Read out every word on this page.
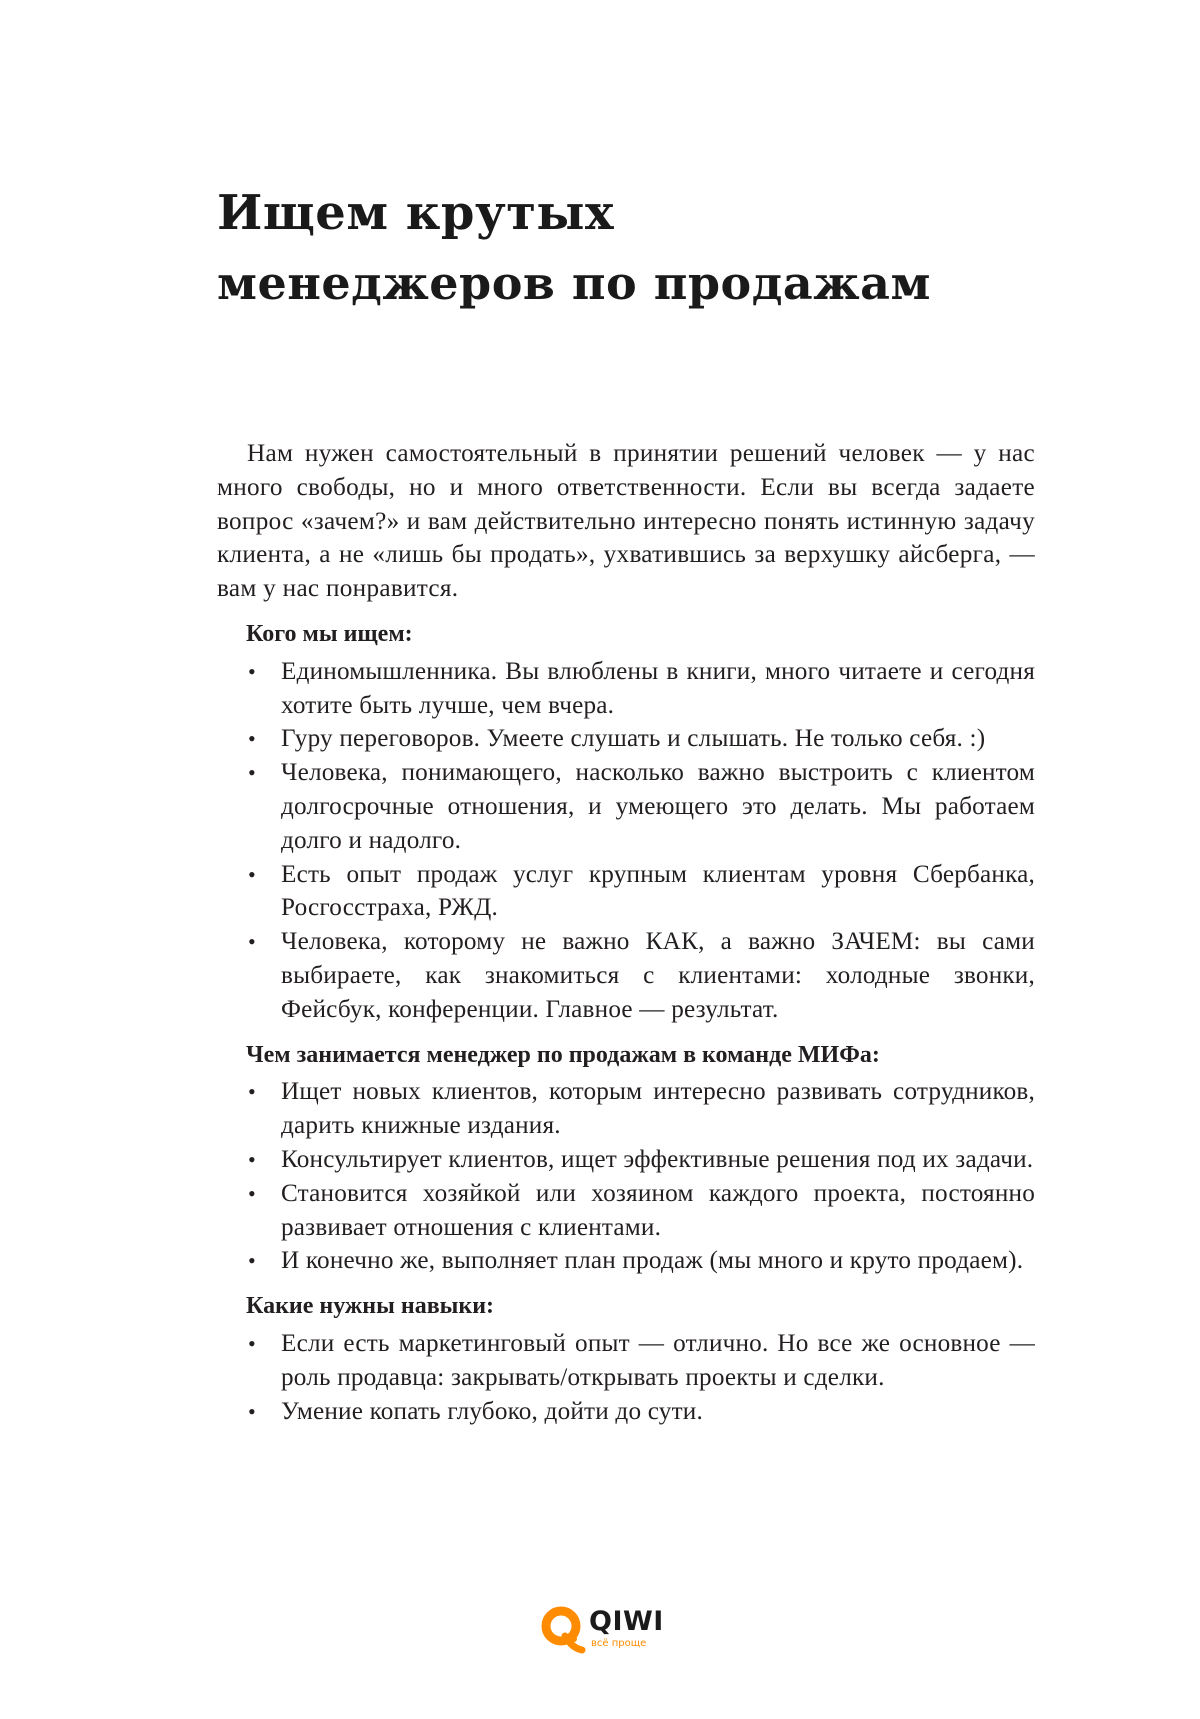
Ищем крутых
менеджеров по продажам

Нам нужен самостоятельный в принятии решений человек — у нас много свободы, но и много ответственности. Если вы всегда задаете вопрос «зачем?» и вам действительно интересно понять истинную задачу клиента, а не «лишь бы продать», ухватившись за верхушку айсберга, — вам у нас понравится.

Кого мы ищем:

• Единомышленника. Вы влюблены в книги, много читаете и сегодня хотите быть лучше, чем вчера.
• Гуру переговоров. Умеете слушать и слышать. Не только себя. :)
• Человека, понимающего, насколько важно выстроить с клиентом долгосрочные отношения, и умеющего это делать. Мы работаем долго и надолго.
• Есть опыт продаж услуг крупным клиентам уровня Сбербанка, Росгосстраха, РЖД.
• Человека, которому не важно КАК, а важно ЗАЧЕМ: вы сами выбираете, как знакомиться с клиентами: холодные звонки, Фейсбук, конференции. Главное — результат.

Чем занимается менеджер по продажам в команде МИФа:

• Ищет новых клиентов, которым интересно развивать сотрудников, дарить книжные издания.
• Консультирует клиентов, ищет эффективные решения под их задачи.
• Становится хозяйкой или хозяином каждого проекта, постоянно развивает отношения с клиентами.
• И конечно же, выполняет план продаж (мы много и круто продаем).

Какие нужны навыки:

• Если есть маркетинговый опыт — отлично. Но все же основное — роль продавца: закрывать/открывать проекты и сделки.
• Умение копать глубоко, дойти до сути.
QIWI
всё проще
